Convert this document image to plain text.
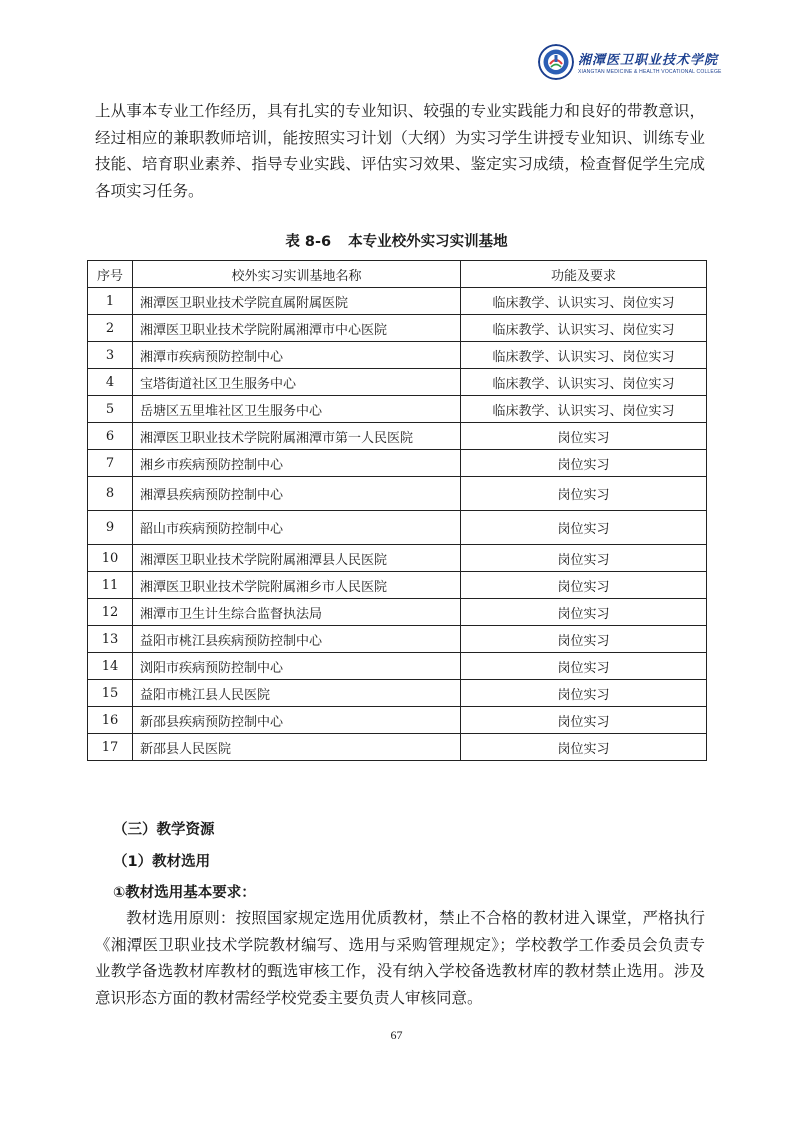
湘潭医卫职业技术学院
XIANGTAN MEDICINE & HEALTH VOCATIONAL COLLEGE
上从事本专业工作经历，具有扎实的专业知识、较强的专业实践能力和良好的带教意识，经过相应的兼职教师培训，能按照实习计划（大纲）为实习学生讲授专业知识、训练专业技能、培育职业素养、指导专业实践、评估实习效果、鉴定实习成绩，检查督促学生完成各项实习任务。
表 8-6 本专业校外实习实训基地
序号	校外实习实训基地名称	功能及要求
1	湘潭医卫职业技术学院直属附属医院	临床教学、认识实习、岗位实习
2	湘潭医卫职业技术学院附属湘潭市中心医院	临床教学、认识实习、岗位实习
3	湘潭市疾病预防控制中心	临床教学、认识实习、岗位实习
4	宝塔街道社区卫生服务中心	临床教学、认识实习、岗位实习
5	岳塘区五里堆社区卫生服务中心	临床教学、认识实习、岗位实习
6	湘潭医卫职业技术学院附属湘潭市第一人民医院	岗位实习
7	湘乡市疾病预防控制中心	岗位实习
8	湘潭县疾病预防控制中心	岗位实习
9	韶山市疾病预防控制中心	岗位实习
10	湘潭医卫职业技术学院附属湘潭县人民医院	岗位实习
11	湘潭医卫职业技术学院附属湘乡市人民医院	岗位实习
12	湘潭市卫生计生综合监督执法局	岗位实习
13	益阳市桃江县疾病预防控制中心	岗位实习
14	浏阳市疾病预防控制中心	岗位实习
15	益阳市桃江县人民医院	岗位实习
16	新邵县疾病预防控制中心	岗位实习
17	新邵县人民医院	岗位实习
（三）教学资源
（1）教材选用
①教材选用基本要求：
教材选用原则：按照国家规定选用优质教材，禁止不合格的教材进入课堂，严格执行《湘潭医卫职业技术学院教材编写、选用与采购管理规定》；学校教学工作委员会负责专业教学备选教材库教材的甄选审核工作，没有纳入学校备选教材库的教材禁止选用。涉及意识形态方面的教材需经学校党委主要负责人审核同意。
67
